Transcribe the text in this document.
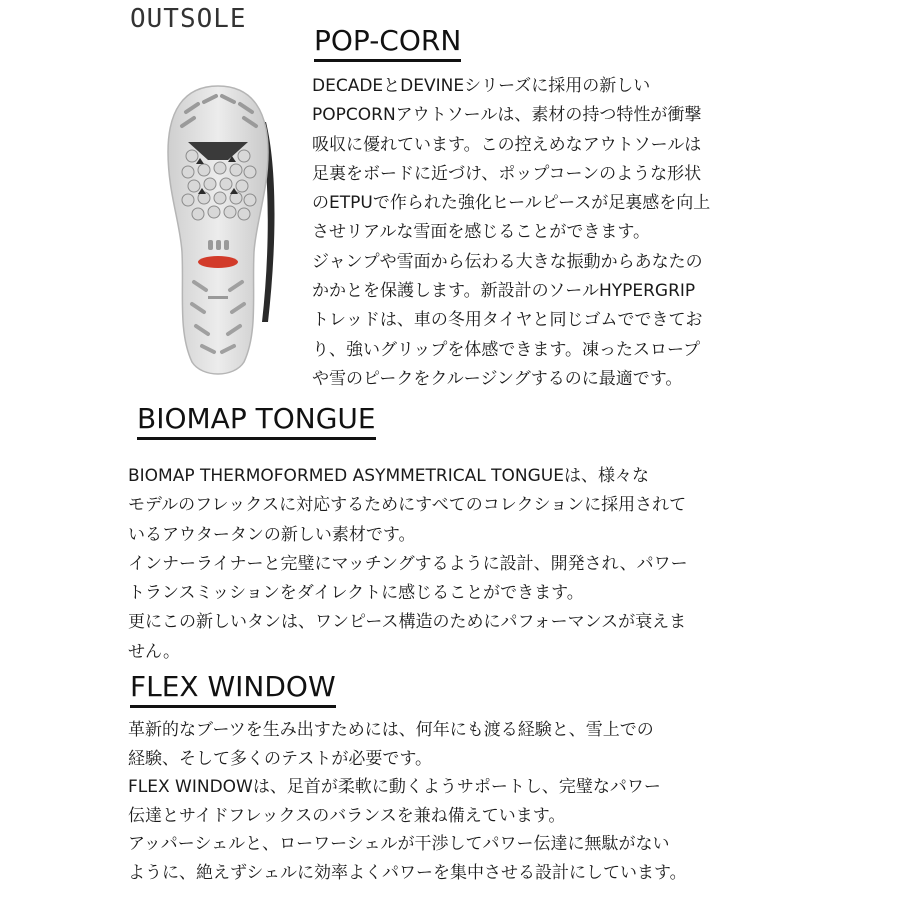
OUTSOLE
POP-CORN

DECADEとDEVINEシリーズに採用の新しい
POPCORNアウトソールは、素材の持つ特性が衝撃
吸収に優れています。この控えめなアウトソールは
足裏をボードに近づけ、ポップコーンのような形状
のETPUで作られた強化ヒールピースが足裏感を向上
させリアルな雪面を感じることができます。
ジャンプや雪面から伝わる大きな振動からあなたの
かかとを保護します。新設計のソールHYPERGRIP
トレッドは、車の冬用タイヤと同じゴムでできてお
り、強いグリップを体感できます。凍ったスロープ
や雪のピークをクルージングするのに最適です。

BIOMAP TONGUE

BIOMAP THERMOFORMED ASYMMETRICAL TONGUEは、様々な
モデルのフレックスに対応するためにすべてのコレクションに採用されて
いるアウタータンの新しい素材です。
インナーライナーと完璧にマッチングするように設計、開発され、パワー
トランスミッションをダイレクトに感じることができます。
更にこの新しいタンは、ワンピース構造のためにパフォーマンスが衰えま
せん。

FLEX WINDOW

革新的なブーツを生み出すためには、何年にも渡る経験と、雪上での
経験、そして多くのテストが必要です。
FLEX WINDOWは、足首が柔軟に動くようサポートし、完璧なパワー
伝達とサイドフレックスのバランスを兼ね備えています。
アッパーシェルと、ローワーシェルが干渉してパワー伝達に無駄がない
ように、絶えずシェルに効率よくパワーを集中させる設計にしています。
